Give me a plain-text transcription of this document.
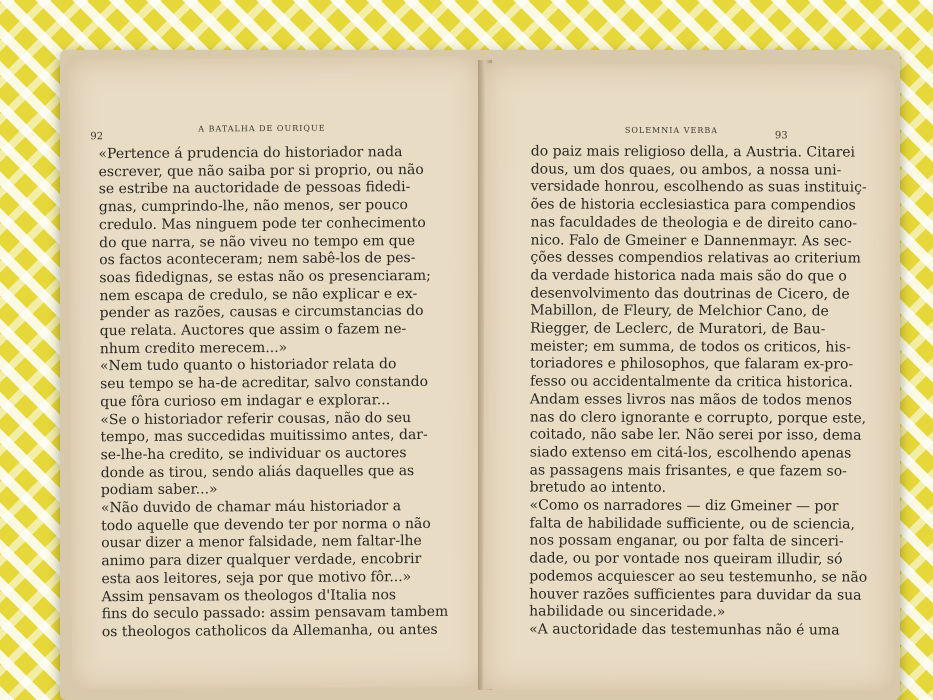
92
A BATALHA DE OURIQUE
«Pertence á prudencia do historiador nada
escrever, que não saiba por si proprio, ou não
se estribe na auctoridade de pessoas fidedi-
gnas, cumprindo-lhe, não menos, ser pouco
credulo. Mas ninguem pode ter conhecimento
do que narra, se não viveu no tempo em que
os factos aconteceram; nem sabê-los de pes-
soas fidedignas, se estas não os presenciaram;
nem escapa de credulo, se não explicar e ex-
pender as razões, causas e circumstancias do
que relata. Auctores que assim o fazem ne-
nhum credito merecem...»
«Nem tudo quanto o historiador relata do
seu tempo se ha-de acreditar, salvo constando
que fôra curioso em indagar e explorar...
«Se o historiador referir cousas, não do seu
tempo, mas succedidas muitissimo antes, dar-
se-lhe-ha credito, se individuar os auctores
donde as tirou, sendo aliás daquelles que as
podiam saber...»
«Não duvido de chamar máu historiador a
todo aquelle que devendo ter por norma o não
ousar dizer a menor falsidade, nem faltar-lhe
animo para dizer qualquer verdade, encobrir
esta aos leitores, seja por que motivo fôr...»
Assim pensavam os theologos d'Italia nos
fins do seculo passado: assim pensavam tambem
os theologos catholicos da Allemanha, ou antes
SOLEMNIA VERBA	93
do paiz mais religioso della, a Austria. Citarei
dous, um dos quaes, ou ambos, a nossa uni-
versidade honrou, escolhendo as suas instituiç-
ões de historia ecclesiastica para compendios
nas faculdades de theologia e de direito cano-
nico. Falo de Gmeiner e Dannenmayr. As sec-
ções desses compendios relativas ao criterium
da verdade historica nada mais são do que o
desenvolvimento das doutrinas de Cicero, de
Mabillon, de Fleury, de Melchior Cano, de
Riegger, de Leclerc, de Muratori, de Bau-
meister; em summa, de todos os criticos, his-
toriadores e philosophos, que falaram ex-pro-
fesso ou accidentalmente da critica historica.
Andam esses livros nas mãos de todos menos
nas do clero ignorante e corrupto, porque este,
coitado, não sabe ler. Não serei por isso, dema
siado extenso em citá-los, escolhendo apenas
as passagens mais frisantes, e que fazem so-
bretudo ao intento.
«Como os narradores — diz Gmeiner — por
falta de habilidade sufficiente, ou de sciencia,
nos possam enganar, ou por falta de sinceri-
dade, ou por vontade nos queiram illudir, só
podemos acquiescer ao seu testemunho, se não
houver razões sufficientes para duvidar da sua
habilidade ou sinceridade.»
«A auctoridade das testemunhas não é uma
